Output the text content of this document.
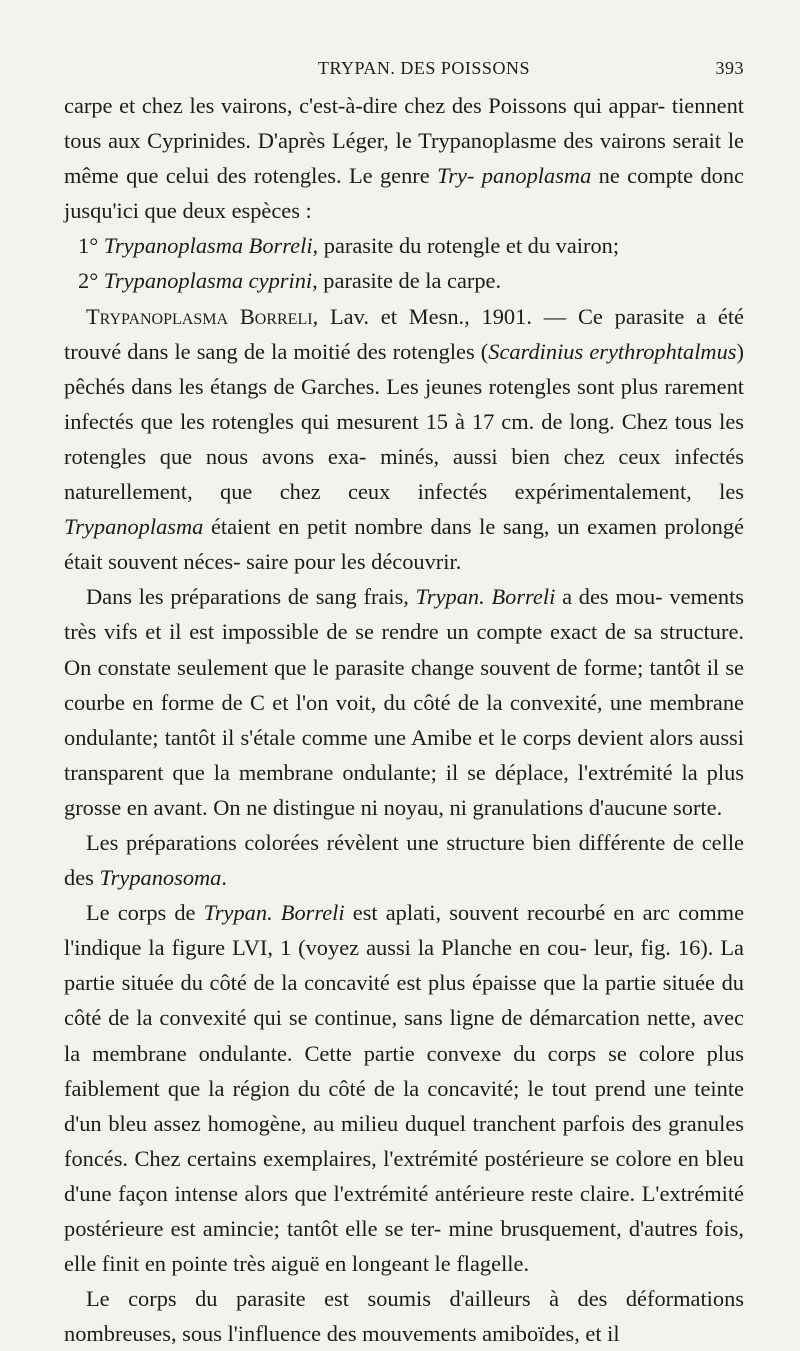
TRYPAN. DES POISSONS	393

carpe et chez les vairons, c'est-à-dire chez des Poissons qui appar- tiennent tous aux Cyprinides. D'après Léger, le Trypanoplasme des vairons serait le même que celui des rotengles. Le genre Try- panoplasma ne compte donc jusqu'ici que deux espèces :

1° Trypanoplasma Borreli, parasite du rotengle et du vairon;

2° Trypanoplasma cyprini, parasite de la carpe.

Trypanoplasma Borreli, Lav. et Mesn., 1901. — Ce parasite a été trouvé dans le sang de la moitié des rotengles (Scardinius erythrophtalmus) pêchés dans les étangs de Garches. Les jeunes rotengles sont plus rarement infectés que les rotengles qui mesurent 15 à 17 cm. de long. Chez tous les rotengles que nous avons exa- minés, aussi bien chez ceux infectés naturellement, que chez ceux infectés expérimentalement, les Trypanoplasma étaient en petit nombre dans le sang, un examen prolongé était souvent néces- saire pour les découvrir.

Dans les préparations de sang frais, Trypan. Borreli a des mou- vements très vifs et il est impossible de se rendre un compte exact de sa structure. On constate seulement que le parasite change souvent de forme; tantôt il se courbe en forme de C et l'on voit, du côté de la convexité, une membrane ondulante; tantôt il s'étale comme une Amibe et le corps devient alors aussi transparent que la membrane ondulante; il se déplace, l'extrémité la plus grosse en avant. On ne distingue ni noyau, ni granulations d'aucune sorte.

Les préparations colorées révèlent une structure bien différente de celle des Trypanosoma.

Le corps de Trypan. Borreli est aplati, souvent recourbé en arc comme l'indique la figure LVI, 1 (voyez aussi la Planche en cou- leur, fig. 16). La partie située du côté de la concavité est plus épaisse que la partie située du côté de la convexité qui se continue, sans ligne de démarcation nette, avec la membrane ondulante. Cette partie convexe du corps se colore plus faiblement que la région du côté de la concavité; le tout prend une teinte d'un bleu assez homogène, au milieu duquel tranchent parfois des granules foncés. Chez certains exemplaires, l'extrémité postérieure se colore en bleu d'une façon intense alors que l'extrémité antérieure reste claire. L'extrémité postérieure est amincie; tantôt elle se ter- mine brusquement, d'autres fois, elle finit en pointe très aiguë en longeant le flagelle.

Le corps du parasite est soumis d'ailleurs à des déformations nombreuses, sous l'influence des mouvements amiboïdes, et il
